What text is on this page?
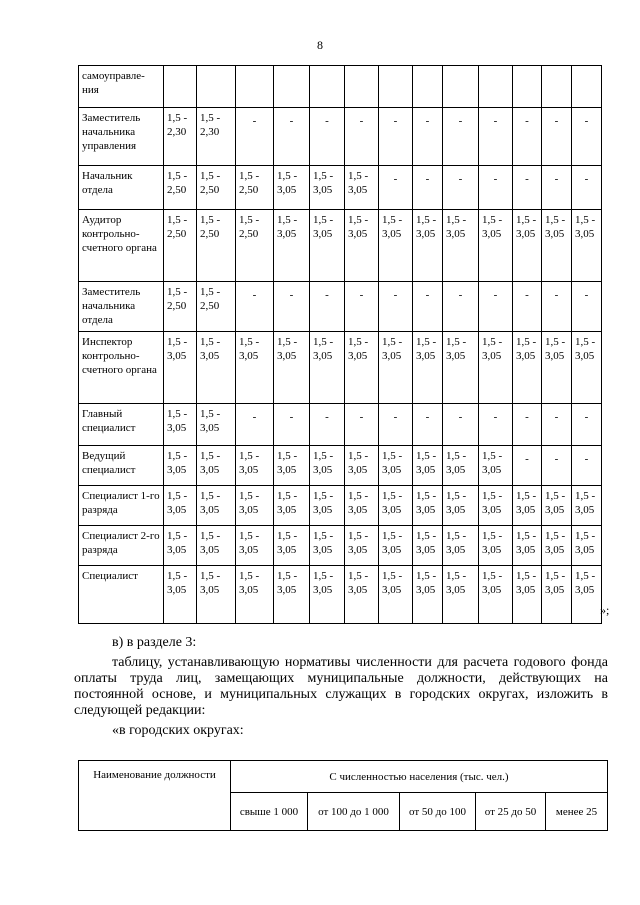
8
самоуправле-
ния													
Заместитель начальника управления	1,5 - 2,30	1,5 - 2,30	-	-	-	-	-	-	-	-	-	-	-
Начальник отдела	1,5 - 2,50	1,5 - 2,50	1,5 - 2,50	1,5 - 3,05	1,5 - 3,05	1,5 - 3,05	-	-	-	-	-	-	-
Аудитор контрольно-счетного органа	1,5 - 2,50	1,5 - 2,50	1,5 - 2,50	1,5 - 3,05	1,5 - 3,05	1,5 - 3,05	1,5 - 3,05	1,5 - 3,05	1,5 - 3,05	1,5 - 3,05	1,5 - 3,05	1,5 - 3,05	1,5 - 3,05
Заместитель начальника отдела	1,5 - 2,50	1,5 - 2,50	-	-	-	-	-	-	-	-	-	-	-
Инспектор контрольно-счетного органа	1,5 - 3,05	1,5 - 3,05	1,5 - 3,05	1,5 - 3,05	1,5 - 3,05	1,5 - 3,05	1,5 - 3,05	1,5 - 3,05	1,5 - 3,05	1,5 - 3,05	1,5 - 3,05	1,5 - 3,05	1,5 - 3,05
Главный специалист	1,5 - 3,05	1,5 - 3,05	-	-	-	-	-	-	-	-	-	-	-
Ведущий специалист	1,5 - 3,05	1,5 - 3,05	1,5 - 3,05	1,5 - 3,05	1,5 - 3,05	1,5 - 3,05	1,5 - 3,05	1,5 - 3,05	1,5 - 3,05	1,5 - 3,05	-	-	-
Специалист 1-го разряда	1,5 - 3,05	1,5 - 3,05	1,5 - 3,05	1,5 - 3,05	1,5 - 3,05	1,5 - 3,05	1,5 - 3,05	1,5 - 3,05	1,5 - 3,05	1,5 - 3,05	1,5 - 3,05	1,5 - 3,05	1,5 - 3,05
Специалист 2-го разряда	1,5 - 3,05	1,5 - 3,05	1,5 - 3,05	1,5 - 3,05	1,5 - 3,05	1,5 - 3,05	1,5 - 3,05	1,5 - 3,05	1,5 - 3,05	1,5 - 3,05	1,5 - 3,05	1,5 - 3,05	1,5 - 3,05
Специалист	1,5 - 3,05	1,5 - 3,05	1,5 - 3,05	1,5 - 3,05	1,5 - 3,05	1,5 - 3,05	1,5 - 3,05	1,5 - 3,05	1,5 - 3,05	1,5 - 3,05	1,5 - 3,05	1,5 - 3,05	1,5 - 3,05
»;
в) в разделе 3:
таблицу, устанавливающую нормативы численности для расчета годового фонда оплаты труда лиц, замещающих муниципальные должности, действующих на постоянной основе, и муниципальных служащих в городских округах, изложить в следующей редакции:
«в городских округах:
Наименование должности	С численностью населения (тыс. чел.)				
	свыше 1 000	от 100 до 1 000	от 50 до 100	от 25 до 50	менее 25
